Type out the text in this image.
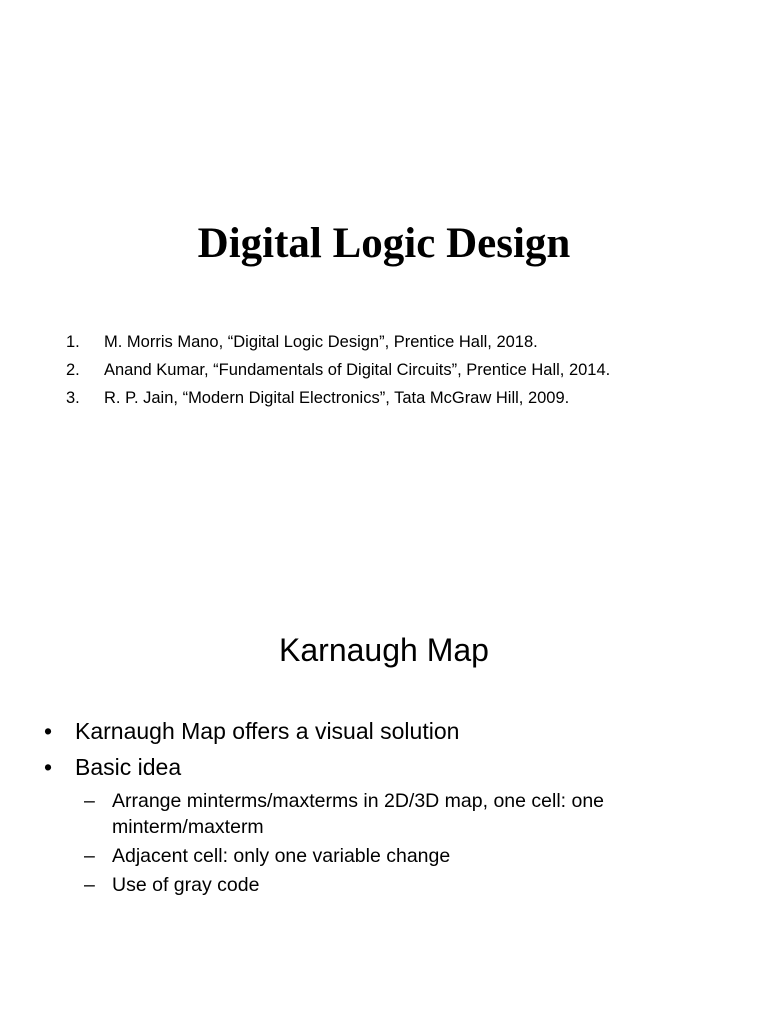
Digital Logic Design
1.	M. Morris Mano, “Digital Logic Design”, Prentice Hall, 2018.
2.	Anand Kumar, “Fundamentals of Digital Circuits”, Prentice Hall, 2014.
3.	R. P. Jain, “Modern Digital Electronics”, Tata McGraw Hill, 2009.
Karnaugh Map
• Karnaugh Map offers a visual solution
• Basic idea
– Arrange minterms/maxterms in 2D/3D map, one cell: one minterm/maxterm
– Adjacent cell: only one variable change
– Use of gray code
